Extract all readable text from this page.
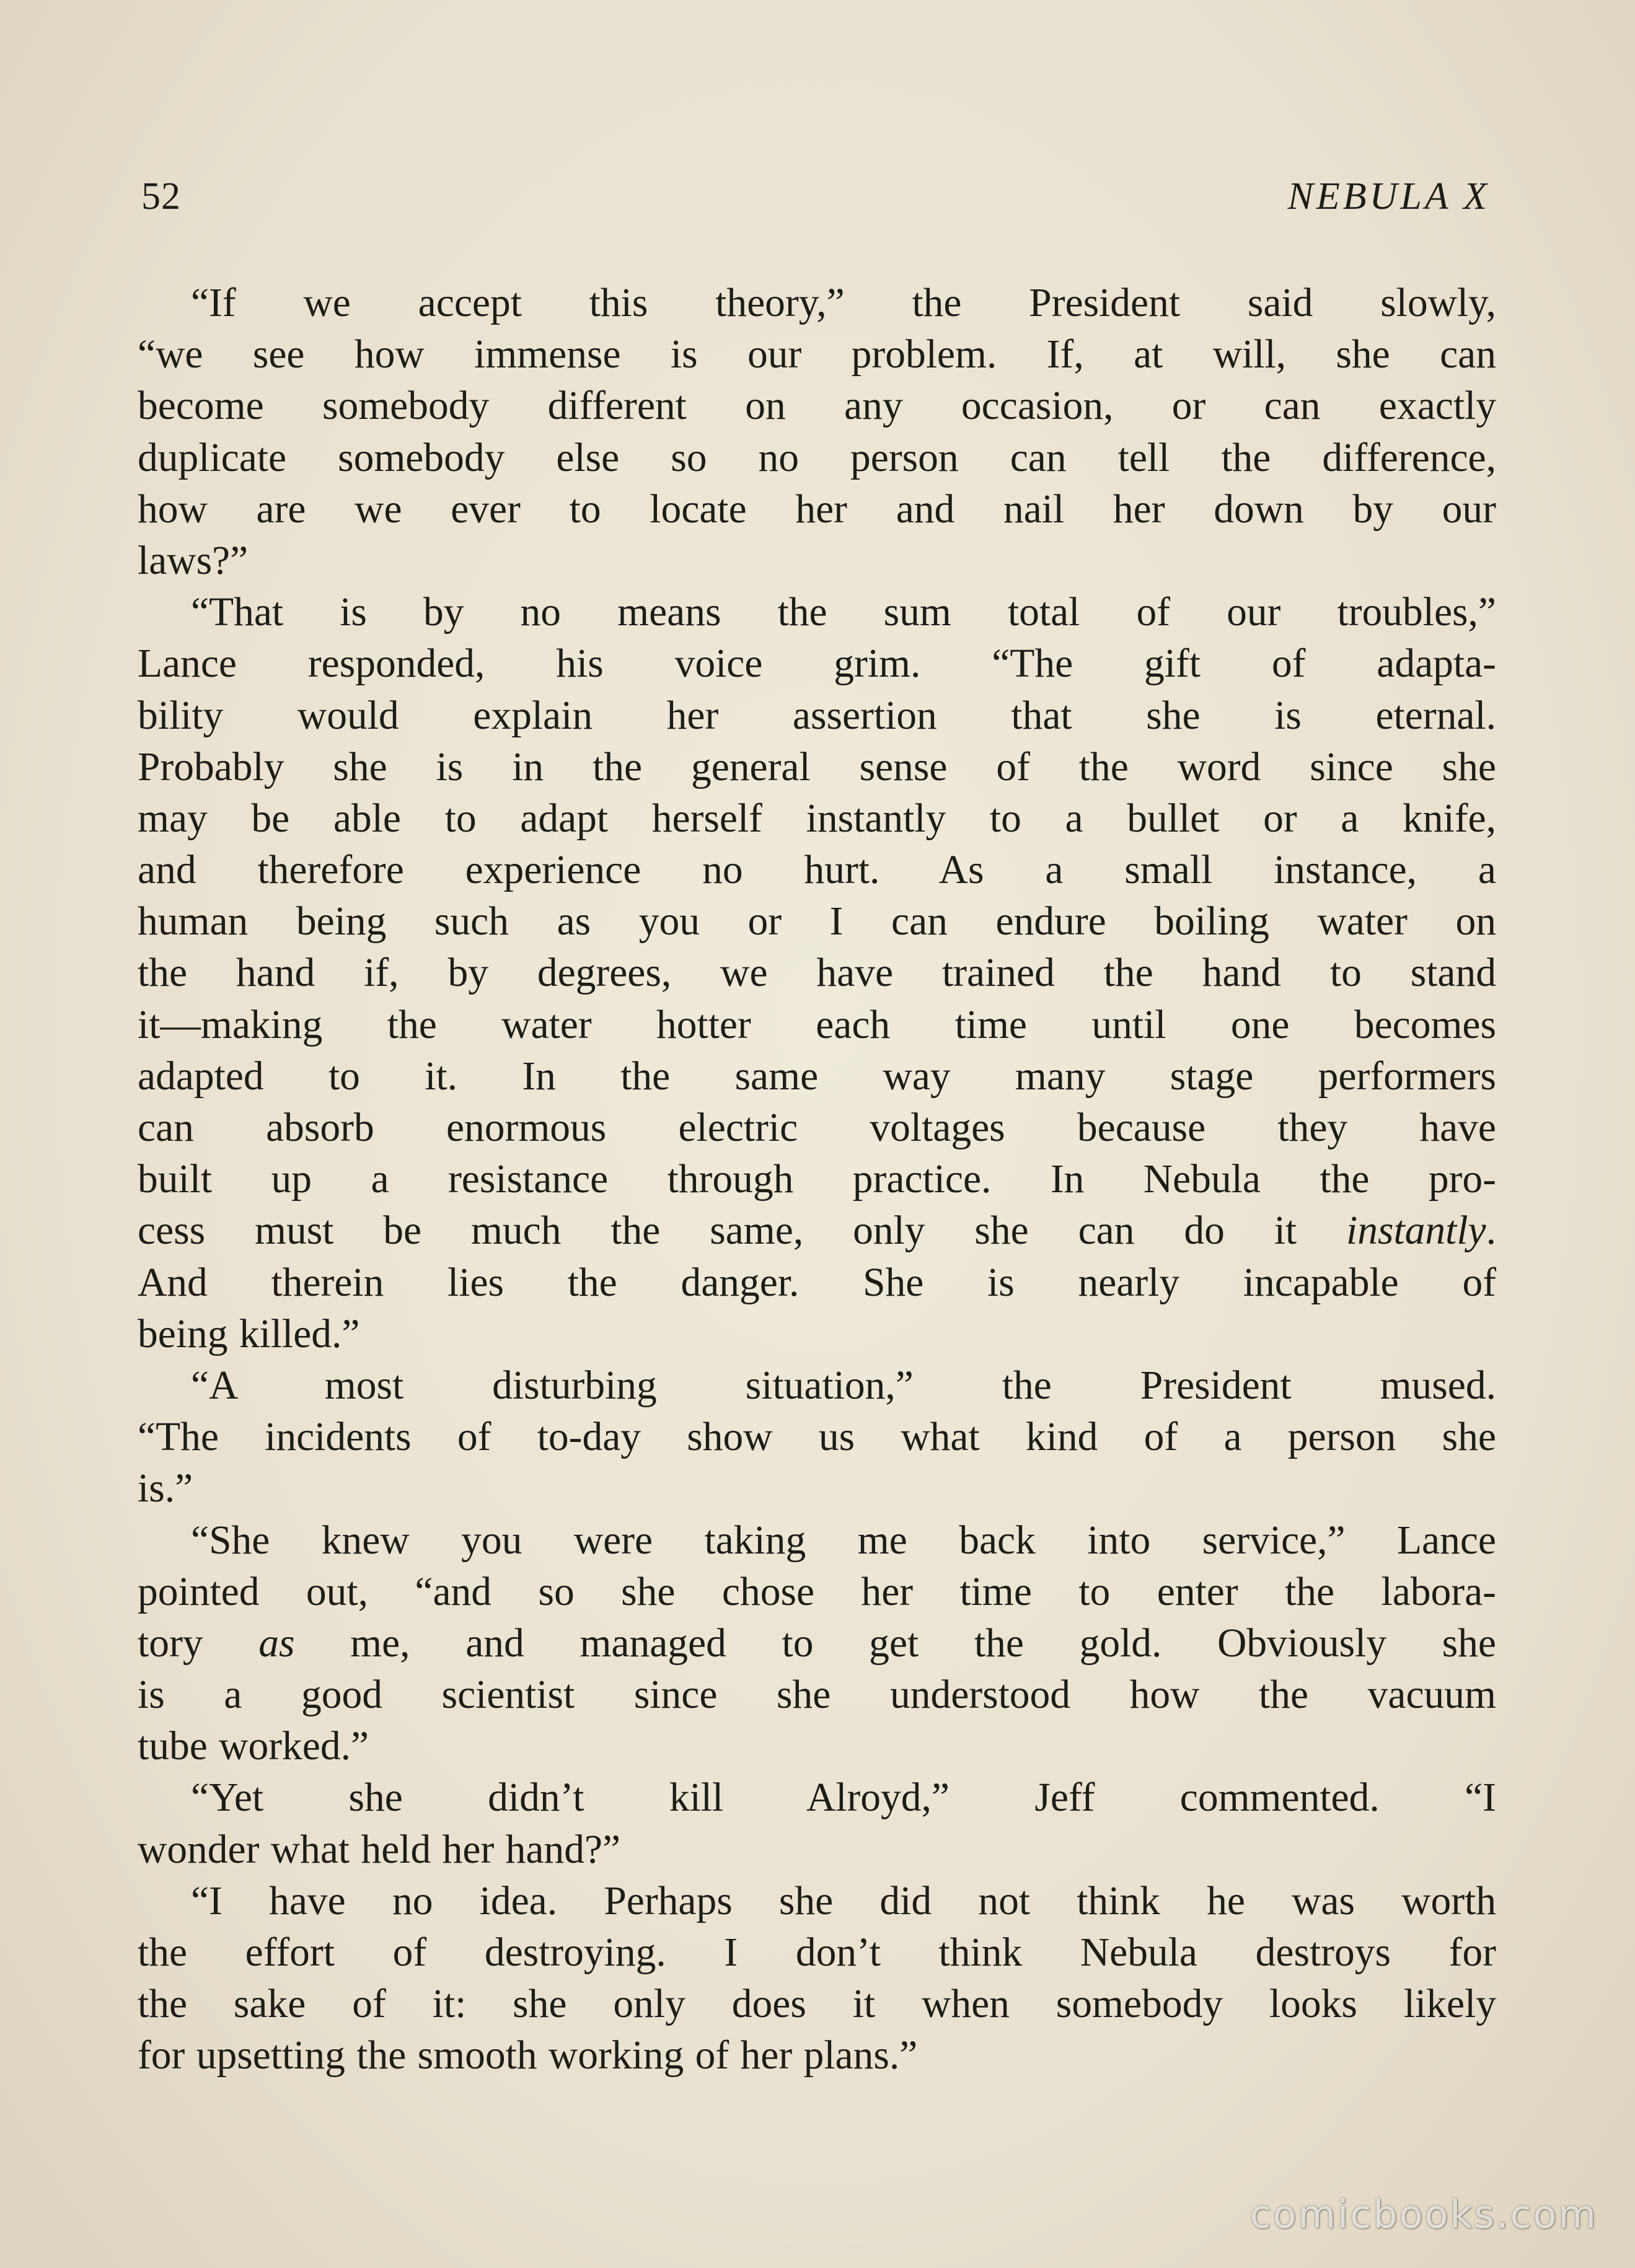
52	NEBULA X
“If we accept this theory,” the President said slowly,
“we see how immense is our problem. If, at will, she can
become somebody different on any occasion, or can exactly
duplicate somebody else so no person can tell the difference,
how are we ever to locate her and nail her down by our
laws?”
“That is by no means the sum total of our troubles,”
Lance responded, his voice grim. “The gift of adapta-
bility would explain her assertion that she is eternal.
Probably she is in the general sense of the word since she
may be able to adapt herself instantly to a bullet or a knife,
and therefore experience no hurt. As a small instance, a
human being such as you or I can endure boiling water on
the hand if, by degrees, we have trained the hand to stand
it—making the water hotter each time until one becomes
adapted to it. In the same way many stage performers
can absorb enormous electric voltages because they have
built up a resistance through practice. In Nebula the pro-
cess must be much the same, only she can do it instantly.
And therein lies the danger. She is nearly incapable of
being killed.”
“A most disturbing situation,” the President mused.
“The incidents of to-day show us what kind of a person she
is.”
“She knew you were taking me back into service,” Lance
pointed out, “and so she chose her time to enter the labora-
tory as me, and managed to get the gold. Obviously she
is a good scientist since she understood how the vacuum
tube worked.”
“Yet she didn’t kill Alroyd,” Jeff commented. “I
wonder what held her hand?”
“I have no idea. Perhaps she did not think he was worth
the effort of destroying. I don’t think Nebula destroys for
the sake of it: she only does it when somebody looks likely
for upsetting the smooth working of her plans.”
comicbooks.com
